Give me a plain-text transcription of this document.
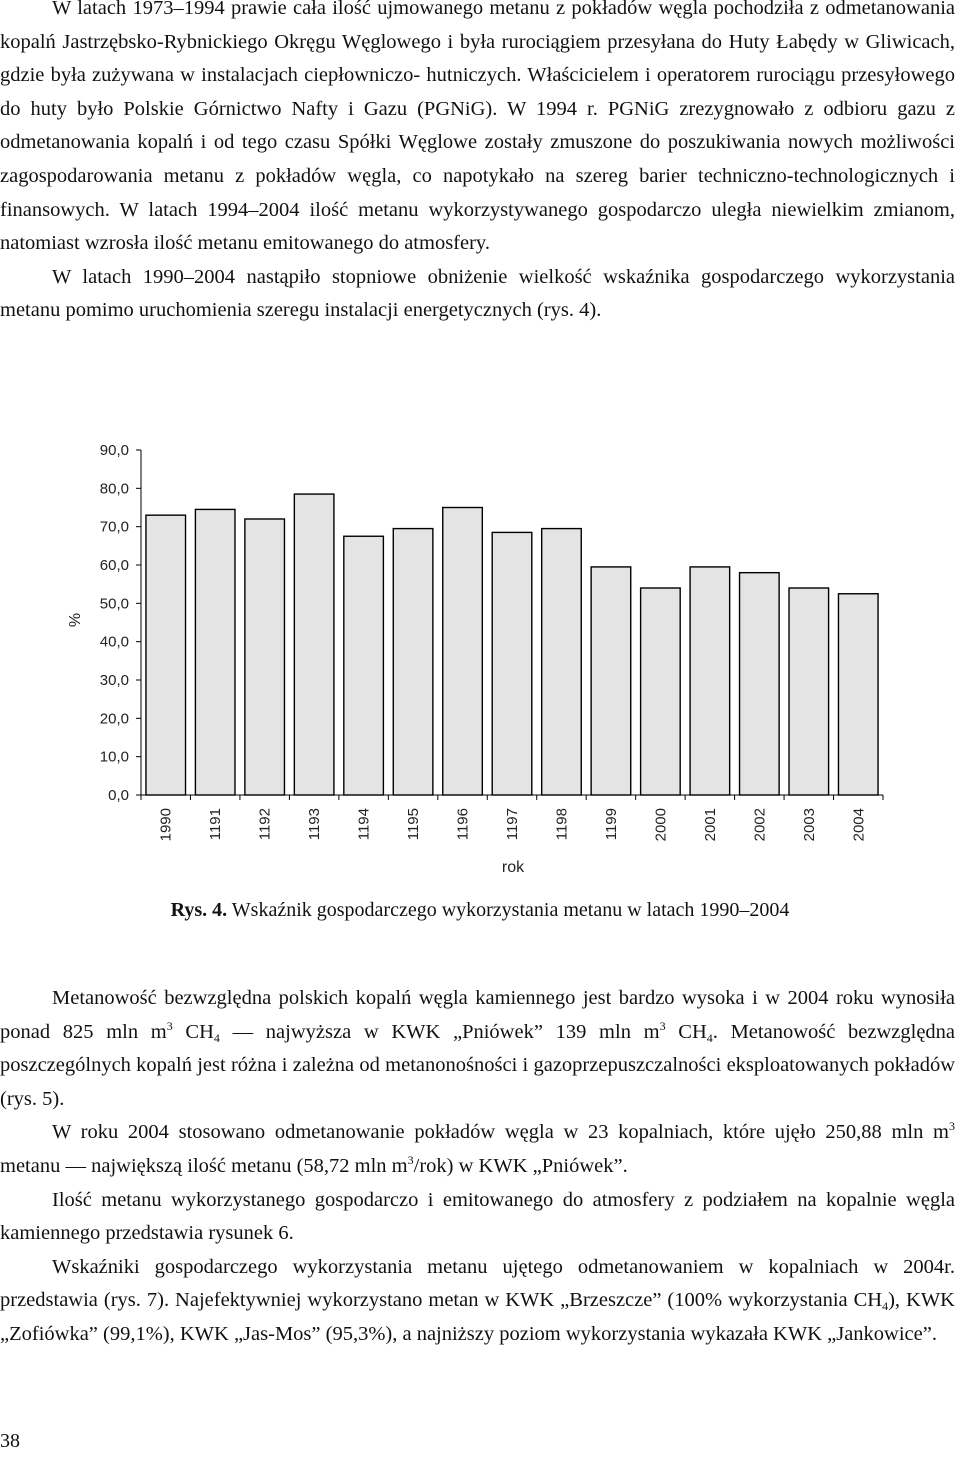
W latach 1973–1994 prawie cała ilość ujmowanego metanu z pokładów węgla pochodziła z odmetanowania kopalń Jastrzębsko-Rybnickiego Okręgu Węglowego i była rurociągiem przesyłana do Huty Łabędy w Gliwicach, gdzie była zużywana w instalacjach ciepłowniczo- hutniczych. Właścicielem i operatorem rurociągu przesyłowego do huty było Polskie Górnictwo Nafty i Gazu (PGNiG). W 1994 r. PGNiG zrezygnowało z odbioru gazu z odmetanowania kopalń i od tego czasu Spółki Węglowe zostały zmuszone do poszukiwania nowych możliwości zagospodarowania metanu z pokładów węgla, co napotykało na szereg barier techniczno-technologicznych i finansowych. W latach 1994–2004 ilość metanu wykorzystywanego gospodarczo uległa niewielkim zmianom, natomiast wzrosła ilość metanu emitowanego do atmosfery.

W latach 1990–2004 nastąpiło stopniowe obniżenie wielkość wskaźnika gospodarczego wykorzystania metanu pomimo uruchomienia szeregu instalacji energetycznych (rys. 4).

0,0
10,0
20,0
30,0
40,0
50,0
60,0
70,0
80,0
90,0
1990 1191 1192 1193 1194 1195 1196 1197 1198 1199 2000 2001 2002 2003 2004
rok
%
Rys. 4. Wskaźnik gospodarczego wykorzystania metanu w latach 1990–2004

Metanowość bezwzględna polskich kopalń węgla kamiennego jest bardzo wysoka i w 2004 roku wynosiła ponad 825 mln $m^3$ $CH_4$ — najwyższa w KWK „Pniówek” 139 mln $m^3$ $CH_4$. Metanowość bezwzględna poszczególnych kopalń jest różna i zależna od metanonośności i gazoprzepuszczalności eksploatowanych pokładów (rys. 5).

W roku 2004 stosowano odmetanowanie pokładów węgla w 23 kopalniach, które ujęło 250,88 mln $m^3$ metanu — największą ilość metanu (58,72 mln $m^3/rok$) w KWK „Pniówek”.

Ilość metanu wykorzystanego gospodarczo i emitowanego do atmosfery z podziałem na kopalnie węgla kamiennego przedstawia rysunek 6.

Wskaźniki gospodarczego wykorzystania metanu ujętego odmetanowaniem w kopalniach w 2004r. przedstawia (rys. 7). Najefektywniej wykorzystano metan w KWK „Brzeszcze” (100% wykorzystania $CH_4$), KWK „Zofiówka” (99,1%), KWK „Jas-Mos” (95,3%), a najniższy poziom wykorzystania wykazała KWK „Jankowice”.

38
